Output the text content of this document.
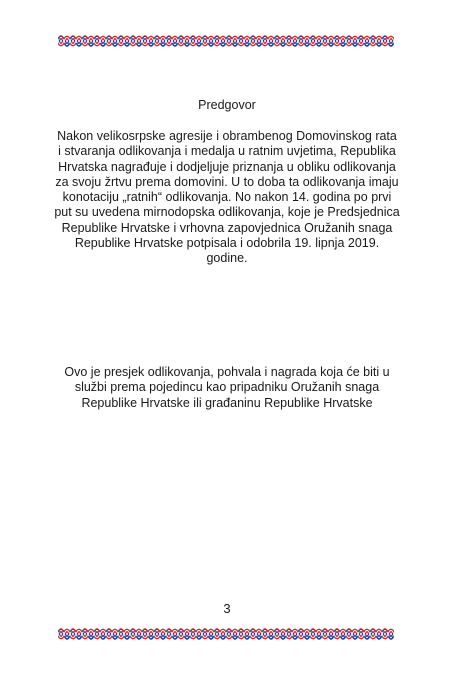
Predgovor
Nakon velikosrpske agresije i obrambenog Domovinskog rata
i stvaranja odlikovanja i medalja u ratnim uvjetima, Republika
Hrvatska nagrađuje i dodjeljuje priznanja u obliku odlikovanja
za svoju žrtvu prema domovini. U to doba ta odlikovanja imaju
konotaciju „ratnih“ odlikovanja. No nakon 14. godina po prvi
put su uvedena mirnodopska odlikovanja, koje je Predsjednica
Republike Hrvatske i vrhovna zapovjednica Oružanih snaga
Republike Hrvatske potpisala i odobrila 19. lipnja 2019.
godine.
Ovo je presjek odlikovanja, pohvala i nagrada koja će biti u
službi prema pojedincu kao pripadniku Oružanih snaga
Republike Hrvatske ili građaninu Republike Hrvatske
3
